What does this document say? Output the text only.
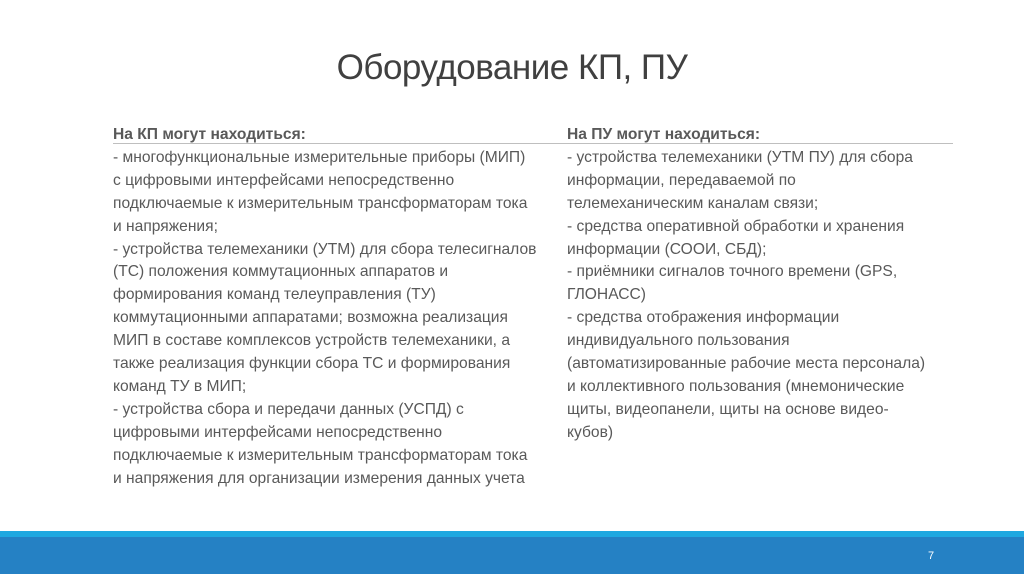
Оборудование КП, ПУ
На КП могут находиться:
- многофункциональные измерительные приборы (МИП)
с цифровыми интерфейсами непосредственно
подключаемые к измерительным трансформаторам тока
и напряжения;
- устройства телемеханики (УТМ) для сбора телесигналов
(ТС) положения коммутационных аппаратов и
формирования команд телеуправления (ТУ)
коммутационными аппаратами; возможна реализация
МИП в составе комплексов устройств телемеханики, а
также реализация функции сбора ТС и формирования
команд ТУ в МИП;
- устройства сбора и передачи данных (УСПД) с
цифровыми интерфейсами непосредственно
подключаемые к измерительным трансформаторам тока
и напряжения для организации измерения данных учета
На ПУ могут находиться:
- устройства телемеханики (УТМ ПУ) для сбора
информации, передаваемой по
телемеханическим каналам связи;
- средства оперативной обработки и хранения
информации (СООИ, СБД);
- приёмники сигналов точного времени (GPS,
ГЛОНАСС)
- средства отображения информации
индивидуального пользования
(автоматизированные рабочие места персонала)
и коллективного пользования (мнемонические
щиты, видеопанели, щиты на основе видео-
кубов)
7
